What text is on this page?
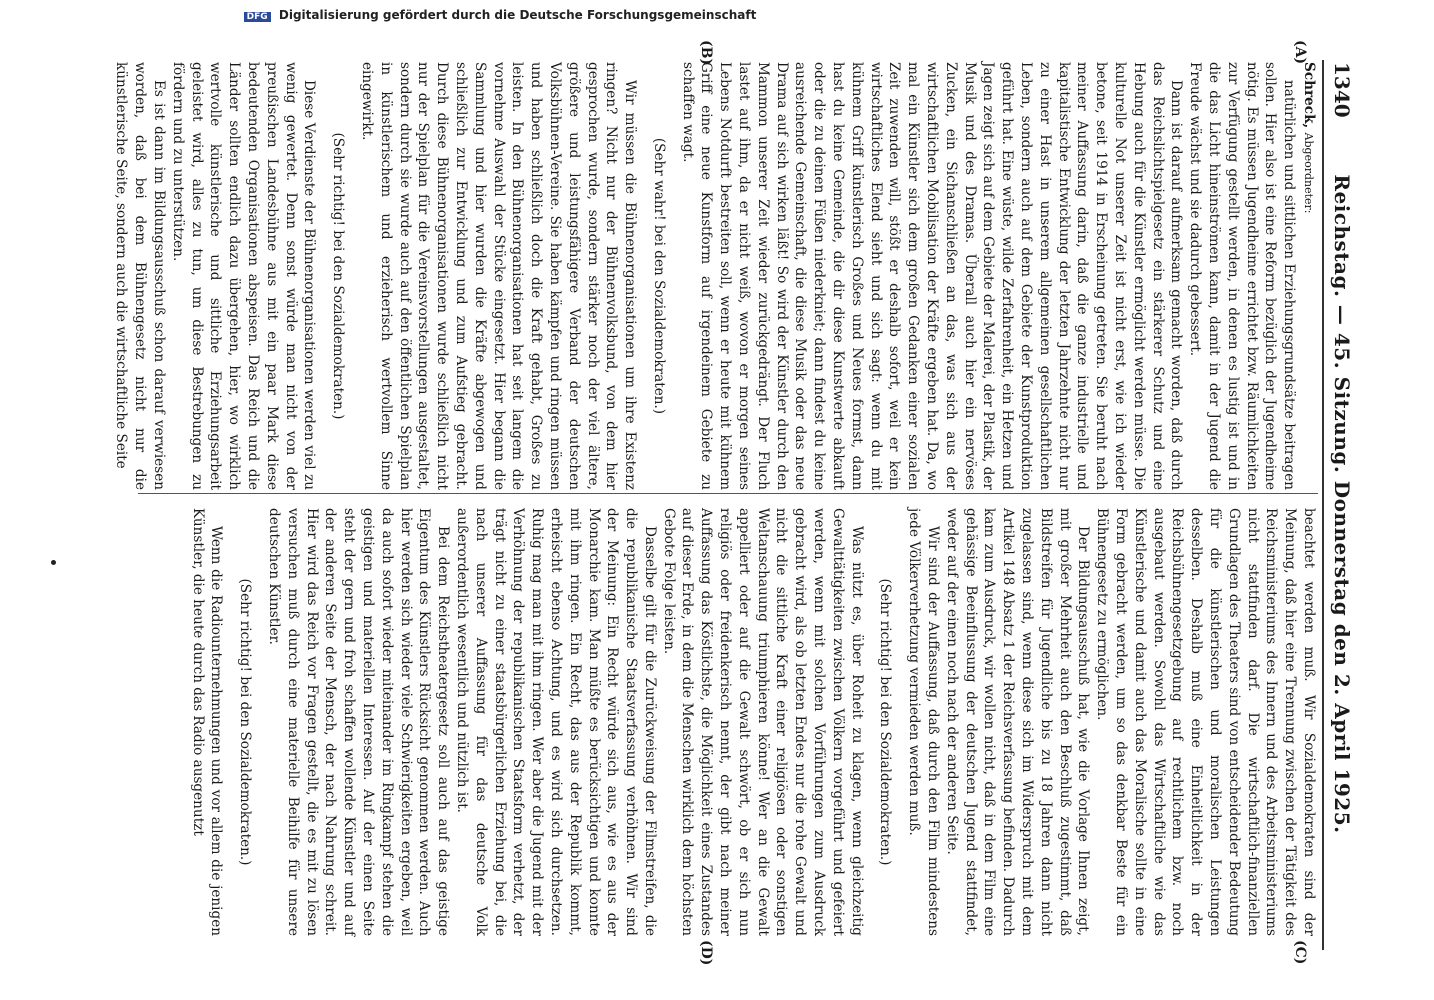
DFG Digitalisierung gefördert durch die Deutsche Forschungsgemeinschaft
1340
Reichstag. — 45. Sitzung. Donnerstag den 2. April 1925.
(A)
(B)
(C)
(D)

Schreck, Abgeordneter:

natürlichen und sittlichen Erziehungsgrundsätze beitragen sollen. Hier also ist eine Reform bezüglich der Jugendheime nötig. Es müssen Jugendheime errichtet bzw. Räumlichkeiten zur Verfügung gestellt werden, in denen es lustig ist und in die das Licht hineinströmen kann, damit in der Jugend die Freude wächst und sie dadurch gebessert.

Dann ist darauf aufmerksam gemacht worden, daß durch das Reichslichtspielgesetz ein stärkerer Schutz und eine Hebung auch für die Künstler ermöglicht werden müsse. Die kulturelle Not unserer Zeit ist nicht erst, wie ich wieder betone, seit 1914 in Erscheinung getreten. Sie beruht nach meiner Auffassung darin, daß die ganze industrielle und kapitalistische Entwicklung der letzten Jahrzehnte nicht nur zu einer Hast in unserem allgemeinen gesellschaftlichen Leben, sondern auch auf dem Gebiete der Kunstproduktion geführt hat. Eine wüste, wilde Zerfahrenheit, ein Hetzen und Jagen zeigt sich auf dem Gebiete der Malerei, der Plastik, der Musik und des Dramas. Überall auch hier ein nervöses Zucken, ein Sichanschließen an das, was sich aus der wirtschaftlichen Mobilisation der Kräfte ergeben hat. Da, wo mal ein Künstler sich dem großen Gedanken einer sozialen Zeit zuwenden will, stößt er deshalb sofort, weil er kein wirtschaftliches Elend sieht und sich sagt: wenn du mit kühnem Griff künstlerisch Großes und Neues formst, dann hast du keine Gemeinde, die dir diese Kunstwerte abkauft oder die zu deinen Füßen niederkniet; dann findest du keine ausreichende Gemeinschaft, die diese Musik oder das neue Drama auf sich wirken läßt! So wird der Künstler durch den Mammon unserer Zeit wieder zurückgedrängt. Der Fluch lastet auf ihm, da er nicht weiß, wovon er morgen seines Lebens Notdurft bestreiten soll, wenn er heute mit kühnem Griff eine neue Kunstform auf irgendeinem Gebiete zu schaffen wagt.

(Sehr wahr! bei den Sozialdemokraten.)

Wir müssen die Bühnenorganisationen um ihre Existenz ringen? Nicht nur der Bühnenvolksbund, von dem hier gesprochen wurde, sondern stärker noch der viel ältere, größere und leistungsfähigere Verband der deutschen Volksbühnen-Vereine. Sie haben kämpfen und ringen müssen und haben schließlich doch die Kraft gehabt, Großes zu leisten. In den Bühnenorganisationen hat seit langem die vornehme Auswahl der Stücke eingesetzt. Hier begann die Sammlung und hier wurden die Kräfte abgewogen und schließlich zur Entwicklung und zum Aufstieg gebracht. Durch diese Bühnenorganisationen wurde schließlich nicht nur der Spielplan für die Vereinsvorstellungen ausgestaltet, sondern durch sie wurde auch auf den öffentlichen Spielplan in künstlerischem und erzieherisch wertvollem Sinne eingewirkt.

(Sehr richtig! bei den Sozialdemokraten.)

Diese Verdienste der Bühnenorganisationen werden viel zu wenig gewertet. Denn sonst würde man nicht von der preußischen Landesbühne aus mit ein paar Mark diese bedeutenden Organisationen abspeisen. Das Reich und die Länder sollten endlich dazu übergehen, hier, wo wirklich wertvolle künstlerische und sittliche Erziehungsarbeit geleistet wird, alles zu tun, um diese Bestrebungen zu fördern und zu unterstützen.

Es ist dann im Bildungsausschuß schon darauf verwiesen worden, daß bei dem Bühnengesetz nicht nur die künstlerische Seite, sondern auch die wirtschaftliche Seite

beachtet werden muß. Wir Sozialdemokraten sind der Meinung, daß hier eine Trennung zwischen der Tätigkeit des Reichsministeriums des Innern und des Arbeitsministeriums nicht stattfinden darf. Die wirtschaftlich-finanziellen Grundlagen des Theaters sind von entscheidender Bedeutung für die künstlerischen und moralischen Leistungen desselben. Deshalb muß eine Einheitlichkeit in der Reichsbühnengesetzgebung auf rechtlichem bzw. noch ausgebaut werden. Sowohl das Wirtschaftliche wie das Künstlerische und damit auch das Moralische sollte in eine Form gebracht werden, um so das denkbar Beste für ein Bühnengesetz zu ermöglichen.

Der Bildungsausschuß hat, wie die Vorlage Ihnen zeigt, mit großer Mehrheit auch den Beschluß zugestimmt, daß Bildstreifen für Jugendliche bis zu 18 Jahren dann nicht zugelassen sind, wenn diese sich im Widerspruch mit dem Artikel 148 Absatz 1 der Reichsverfassung befinden. Dadurch kam zum Ausdruck, wir wollen nicht, daß in dem Film eine gehässige Beeinflussung der deutschen Jugend stattfindet, weder auf der einen noch nach der anderen Seite.

Wir sind der Auffassung, daß durch den Film mindestens jede Völkerverhetzung vermieden werden muß.

(Sehr richtig! bei den Sozialdemokraten.)

Was nützt es, über Roheit zu klagen, wenn gleichzeitig Gewalttätigkeiten zwischen Völkern vorgeführt und gefeiert werden, wenn mit solchen Vorführungen zum Ausdruck gebracht wird, als ob letzten Endes nur die rohe Gewalt und nicht die sittliche Kraft einer religiösen oder sonstigen Weltanschauung triumphieren könne! Wer an die Gewalt appelliert oder auf die Gewalt schwört, ob er sich nun religiös oder freidenkerisch nennt, der gibt nach meiner Auffassung das Köstlichste, die Möglichkeit eines Zustandes auf dieser Erde, in dem die Menschen wirklich dem höchsten Gebote Folge leisten.

Dasselbe gilt für die Zurückweisung der Filmstreifen, die die republikanische Staatsverfassung verhöhnen. Wir sind der Meinung: Ein Recht würde sich aus, wie es aus der Monarchie kam. Man müßte es berücksichtigen und konnte mit ihm ringen. Ein Recht, das aus der Republik kommt, erheischt ebenso Achtung, und es wird sich durchsetzen. Ruhig mag man mit ihm ringen. Wer aber die Jugend mit der Verhöhnung der republikanischen Staatsform verhetzt, der trägt nicht zu einer staatsbürgerlichen Erziehung bei, die nach unserer Auffassung für das deutsche Volk außerordentlich wesentlich und nützlich ist.

Bei dem Reichstheatergesetz soll auch auf das geistige Eigentum des Künstlers Rücksicht genommen werden. Auch hier werden sich wieder viele Schwierigkeiten ergeben, weil da auch sofort wieder miteinander im Ringkampf stehen die geistigen und materiellen Interessen. Auf der einen Seite steht der gern und froh schaffen wollende Künstler und auf der anderen Seite der Mensch, der nach Nahrung schreit. Hier wird das Reich vor Fragen gestellt, die es mit zu lösen versuchen muß durch eine materielle Beihilfe für unsere deutschen Künstler.

(Sehr richtig! bei den Sozialdemokraten.)

Wenn die Radiounternehmungen und vor allem die jenigen Künstler, die heute durch das Radio ausgenutzt
